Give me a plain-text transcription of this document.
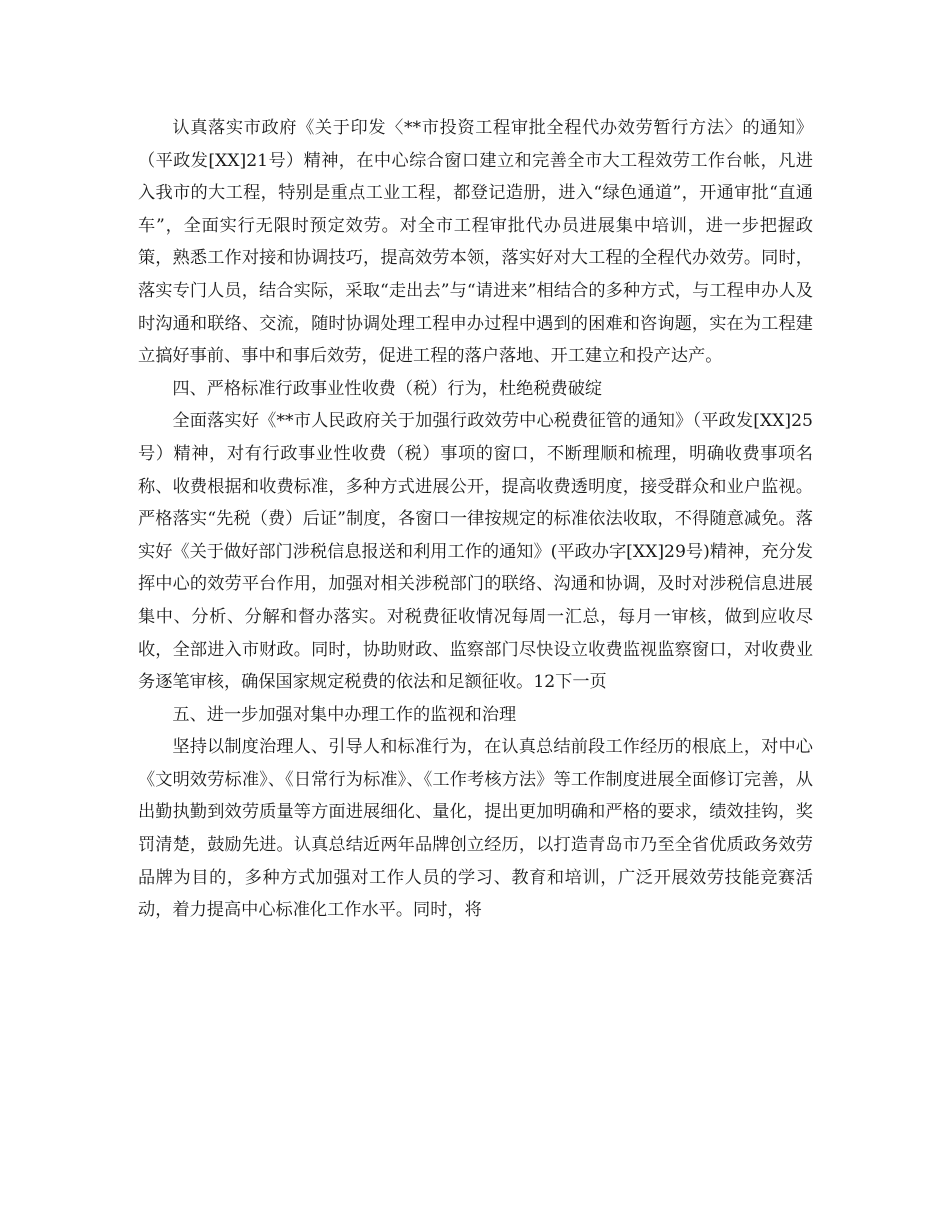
认真落实市政府《关于印发〈**市投资工程审批全程代办效劳暂行方法〉的通知》（平政发[XX]21号）精神，在中心综合窗口建立和完善全市大工程效劳工作台帐，凡进入我市的大工程，特别是重点工业工程，都登记造册，进入“绿色通道”，开通审批“直通车”，全面实行无限时预定效劳。对全市工程审批代办员进展集中培训，进一步把握政策，熟悉工作对接和协调技巧，提高效劳本领，落实好对大工程的全程代办效劳。同时，落实专门人员，结合实际，采取“走出去”与“请进来”相结合的多种方式，与工程申办人及时沟通和联络、交流，随时协调处理工程申办过程中遇到的困难和咨询题，实在为工程建立搞好事前、事中和事后效劳，促进工程的落户落地、开工建立和投产达产。

四、严格标准行政事业性收费（税）行为，杜绝税费破绽

全面落实好《**市人民政府关于加强行政效劳中心税费征管的通知》（平政发[XX]25号）精神，对有行政事业性收费（税）事项的窗口，不断理顺和梳理，明确收费事项名称、收费根据和收费标准，多种方式进展公开，提高收费透明度，接受群众和业户监视。严格落实“先税（费）后证”制度，各窗口一律按规定的标准依法收取，不得随意减免。落实好《关于做好部门涉税信息报送和利用工作的通知》(平政办字[XX]29号)精神，充分发挥中心的效劳平台作用，加强对相关涉税部门的联络、沟通和协调，及时对涉税信息进展集中、分析、分解和督办落实。对税费征收情况每周一汇总，每月一审核，做到应收尽收，全部进入市财政。同时，协助财政、监察部门尽快设立收费监视监察窗口，对收费业务逐笔审核，确保国家规定税费的依法和足额征收。12下一页

五、进一步加强对集中办理工作的监视和治理

坚持以制度治理人、引导人和标准行为，在认真总结前段工作经历的根底上，对中心《文明效劳标准》、《日常行为标准》、《工作考核方法》等工作制度进展全面修订完善，从出勤执勤到效劳质量等方面进展细化、量化，提出更加明确和严格的要求，绩效挂钩，奖罚清楚，鼓励先进。认真总结近两年品牌创立经历，以打造青岛市乃至全省优质政务效劳品牌为目的，多种方式加强对工作人员的学习、教育和培训，广泛开展效劳技能竞赛活动，着力提高中心标准化工作水平。同时，将
